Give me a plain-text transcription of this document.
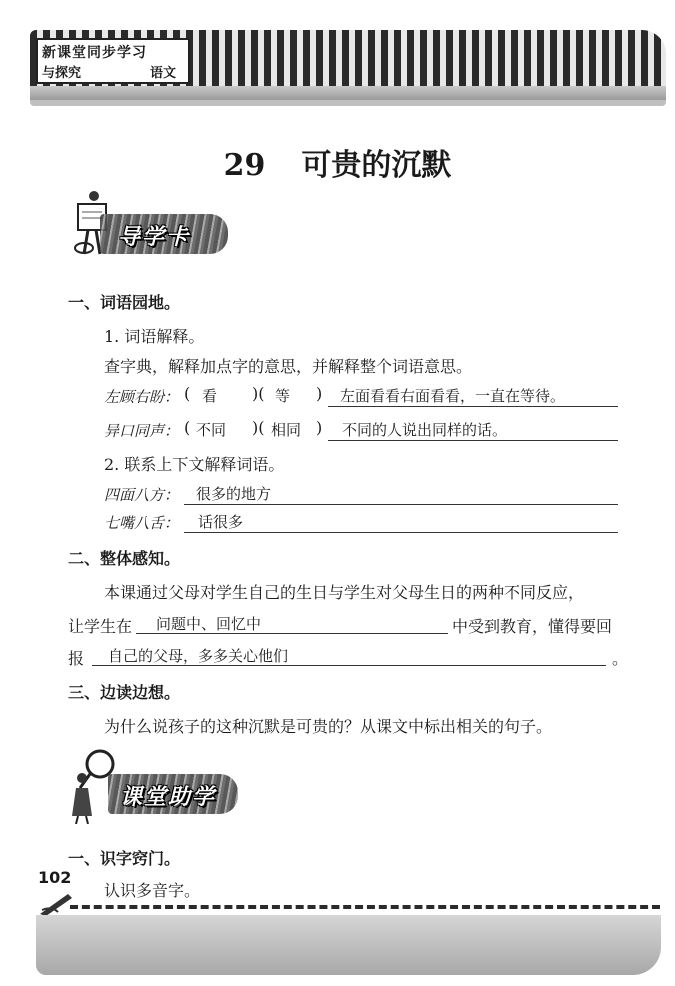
新课堂同步学习
与探究	语文
29 可贵的沉默
导学卡
一、词语园地。
1. 词语解释。
查字典，解释加点字的意思，并解释整个词语意思。
左顾右盼： ( 看 )( 等 ) 左面看看右面看看，一直在等待。
异口同声： ( 不同 )( 相同 ) 不同的人说出同样的话。
2. 联系上下文解释词语。
四面八方： 很多的地方
七嘴八舌： 话很多
二、整体感知。
本课通过父母对学生自己的生日与学生对父母生日的两种不同反应，
让学生在 问题中、回忆中	中受到教育，懂得要回
报 自己的父母，多多关心他们	。
三、边读边想。
为什么说孩子的这种沉默是可贵的？从课文中标出相关的句子。
课堂助学
一、识字窍门。
认识多音字。
102
